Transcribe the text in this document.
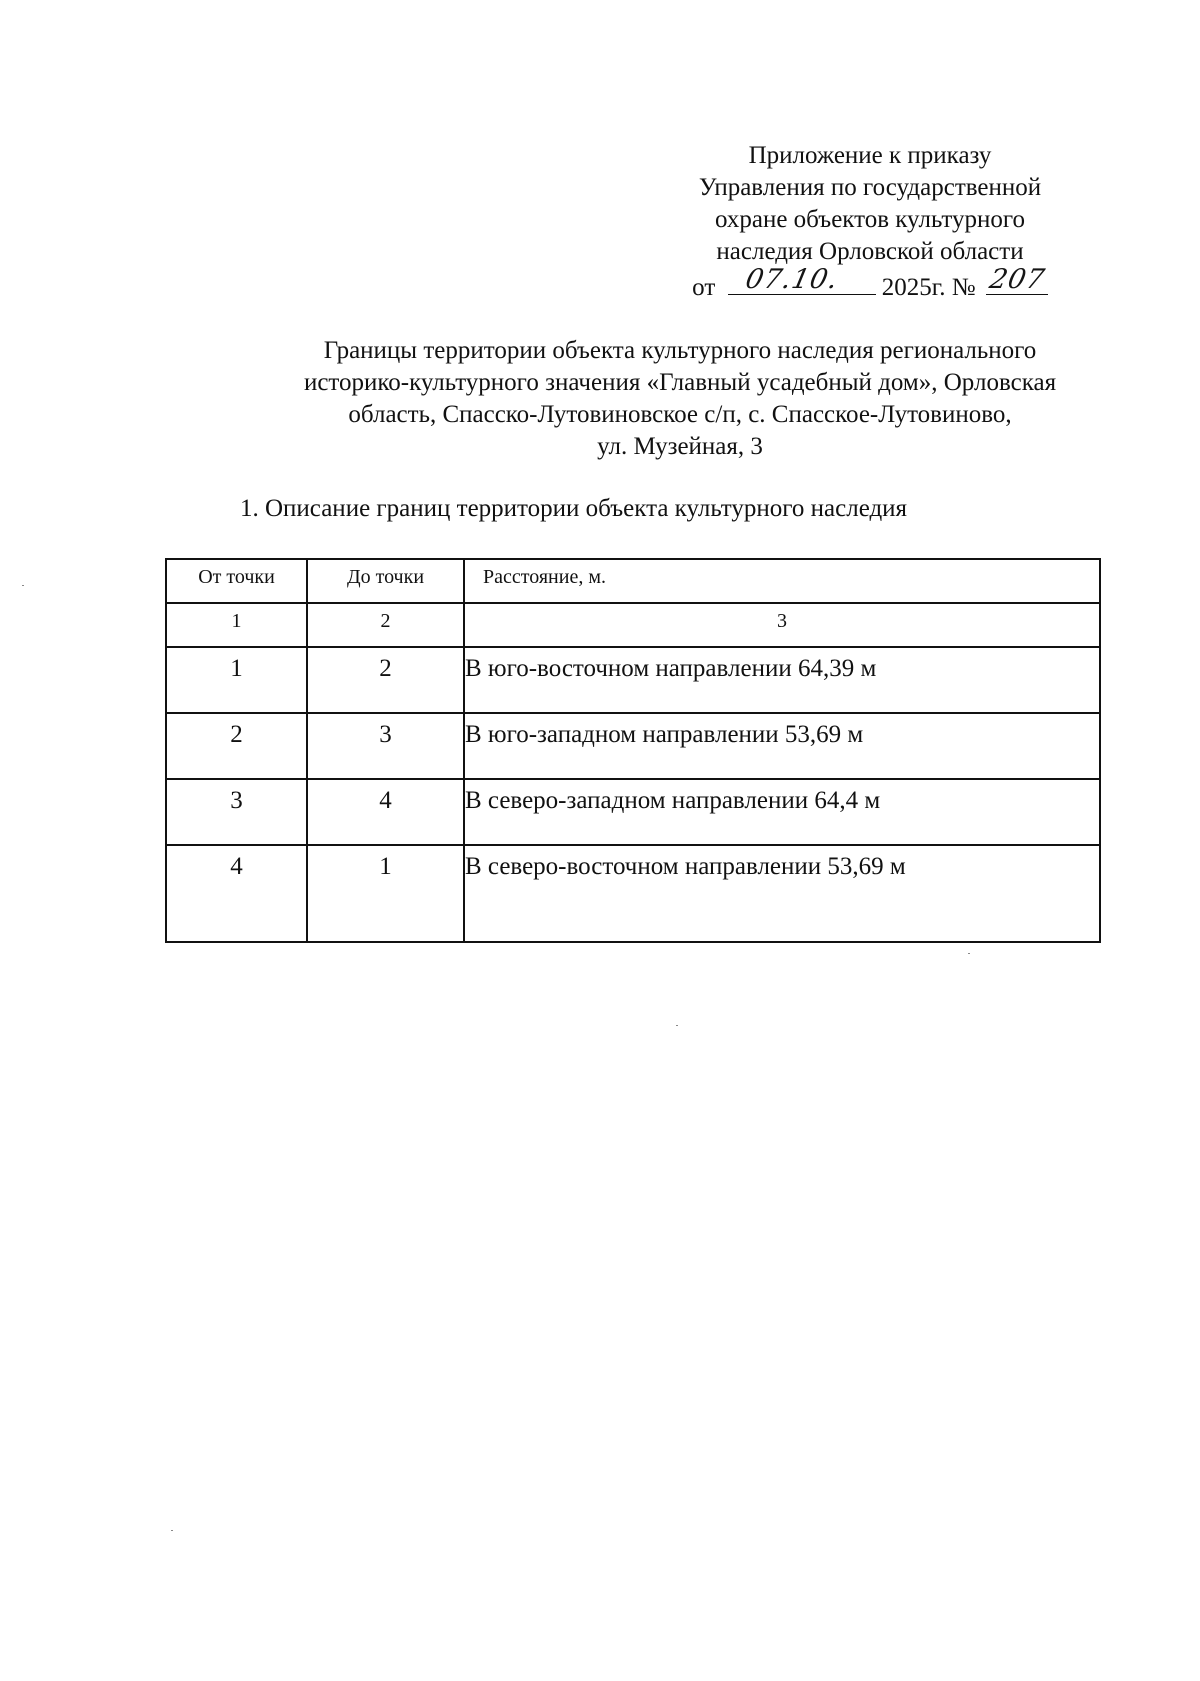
Приложение к приказу
Управления по государственной
охране объектов культурного
наследия Орловской области
от 07.10. 2025г. № 207
Границы территории объекта культурного наследия регионального
историко-культурного значения «Главный усадебный дом», Орловская
область, Спасско-Лутовиновское с/п, с. Спасское-Лутовиново,
ул. Музейная, 3
1. Описание границ территории объекта культурного наследия
От точки	До точки	Расстояние, м.

1	2	3

1	2	В юго-восточном направлении 64,39 м

2	3	В юго-западном направлении 53,69 м

3	4	В северо-западном направлении 64,4 м

4	1	В северо-восточном направлении 53,69 м
